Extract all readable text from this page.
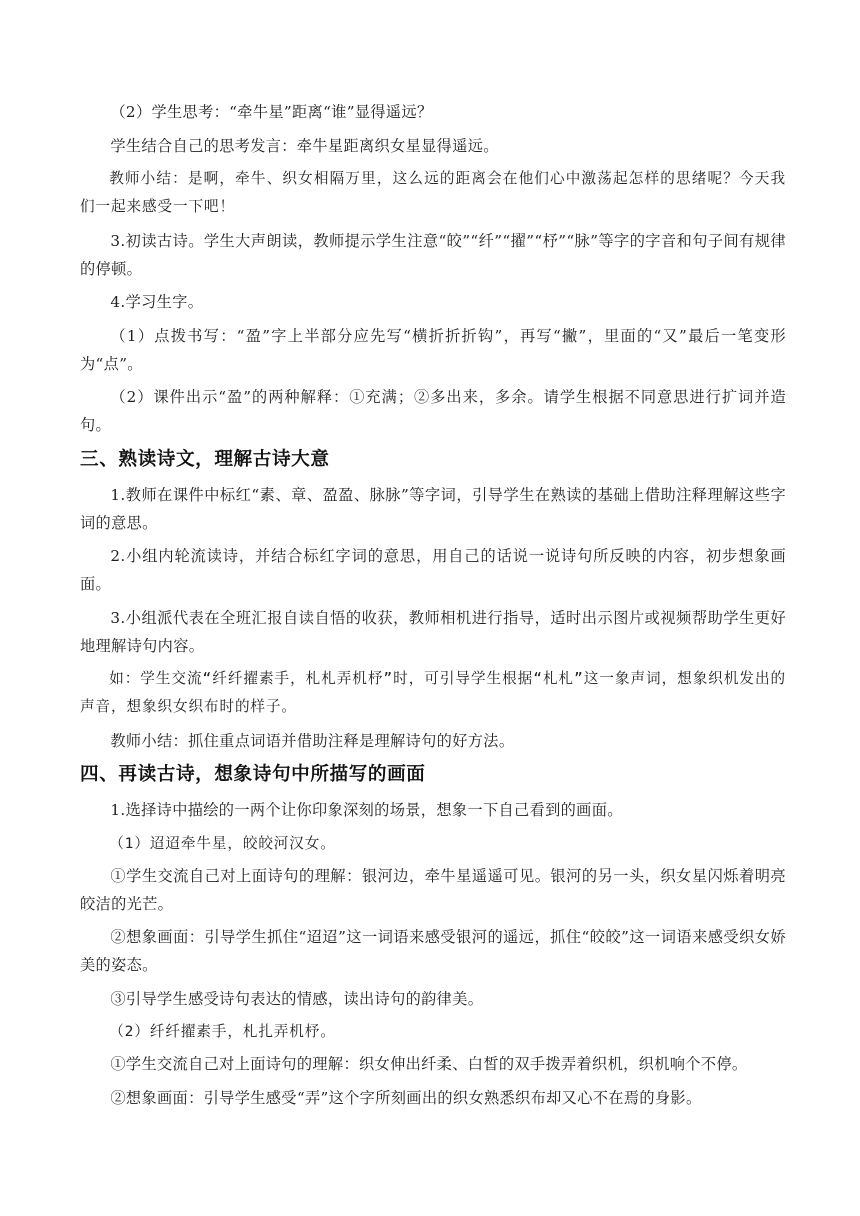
（2）学生思考：“牵牛星”距离“谁”显得遥远？

学生结合自己的思考发言：牵牛星距离织女星显得遥远。

教师小结：是啊，牵牛、织女相隔万里，这么远的距离会在他们心中激荡起怎样的思绪呢？今天我们一起来感受一下吧！

3.初读古诗。学生大声朗读，教师提示学生注意“皎”“纤”“擢”“杼”“脉”等字的字音和句子间有规律的停顿。

4.学习生字。

（1）点拨书写：“盈”字上半部分应先写“横折折折钩”，再写“撇”，里面的“又”最后一笔变形为“点”。

（2）课件出示“盈”的两种解释：①充满；②多出来，多余。请学生根据不同意思进行扩词并造句。

三、熟读诗文，理解古诗大意

1.教师在课件中标红“素、章、盈盈、脉脉”等字词，引导学生在熟读的基础上借助注释理解这些字词的意思。

2.小组内轮流读诗，并结合标红字词的意思，用自己的话说一说诗句所反映的内容，初步想象画面。

3.小组派代表在全班汇报自读自悟的收获，教师相机进行指导，适时出示图片或视频帮助学生更好地理解诗句内容。

如：学生交流“纤纤擢素手，札札弄机杼”时，可引导学生根据“札札”这一象声词，想象织机发出的声音，想象织女织布时的样子。

教师小结：抓住重点词语并借助注释是理解诗句的好方法。

四、再读古诗，想象诗句中所描写的画面

1.选择诗中描绘的一两个让你印象深刻的场景，想象一下自己看到的画面。

（1）迢迢牵牛星，皎皎河汉女。

①学生交流自己对上面诗句的理解：银河边，牵牛星遥遥可见。银河的另一头，织女星闪烁着明亮皎洁的光芒。

②想象画面：引导学生抓住“迢迢”这一词语来感受银河的遥远，抓住“皎皎”这一词语来感受织女娇美的姿态。

③引导学生感受诗句表达的情感，读出诗句的韵律美。

（2）纤纤擢素手，札扎弄机杼。

①学生交流自己对上面诗句的理解：织女伸出纤柔、白皙的双手拨弄着织机，织机响个不停。

②想象画面：引导学生感受“弄”这个字所刻画出的织女熟悉织布却又心不在焉的身影。
